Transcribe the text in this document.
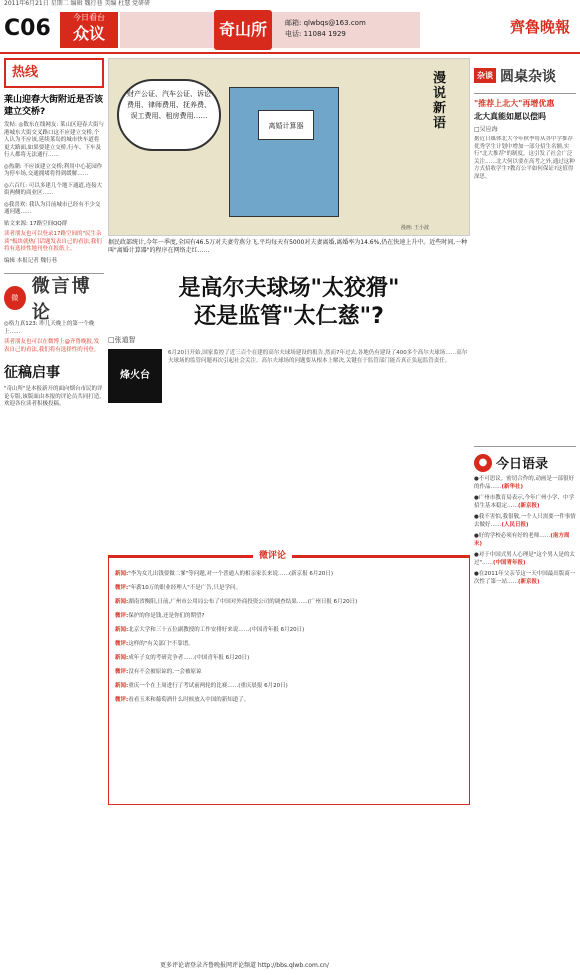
2011年6月21日 星期二 编辑 魏行巷 美编 杜慧 党研研
C06	今日看台
众议	奇山所	邮箱: qlwbqs@163.com
电话: 11084 1929	齊魯晚報
热线
莱山迎春大街附近是否该建立交桥?
发帖: ◎数东在线网友: 莱山区迎春大街与港城东大街交叉路口这不应建立交桥,个人认为不应该,延续莱岛的城市快车道将更大路面,如果要建立交桥,行车、下车及行人都将无法通行……
◎热潮: 不应该建立交桥;利用中心花园作为停车场,交通拥堵将得到缓解……
◎六百红: 可以多建几个地下通道,连接大街两侧的商业区……
◎我喜欢: 我认为目前城市已经有不少交通问题……
贴文来源: 17路空间QQ群
读者朋友也可以登录17路空间的"民生杂谈"板块就热门话题发表自己的看法,我们将有选择性地刊登在报纸上。
编辑 本报记者 魏行巷
微
微言博论
◎格力真123: 昨儿天晚上的第一个晚上……
读者朋友也可以在微博上@齐鲁晚报,发表自己的看法,我们将有选择性的刊登。
征稿启事
"奇山所"是本报新开的面向烟台市民的评论专版,该版面由本报的评论员共同打造,欢迎各位读者积极投稿。
财产公证、汽车公证、诉讼费用、律师费用、抚养费、误工费用、租房费用……
离婚计算器
漫说新语
漫画: 王小波
据民政部统计,今年一季度,全国有46.5万对夫妻劳燕分飞,平均每天有5000对夫妻离婚,离婚率为14.6%,仍在快速上升中。近些时间,一种叫"离婚计算器"的程序在网络走红……
是高尔夫球场"太狡猾"
还是监管"太仁慈"?
□张道智
烽火台
6月20日开始,国家监控了近三百个在建的高尔夫球场建设的报告,然而7年过去,各地仍有建设了400多个高尔夫球场……高尔夫球场的监管问题再次引起社会关注。高尔夫球场的问题要从根本上解决,关键在于监管部门能否真正负起监管责任。
微评论
新闻:"李为女儿出钱要做二爹"等问题,对一个普通人的相亲家长来说……(新京报 6月20日)
微评:"年薪10万的职业经理人"不是广告,只是学问。
新闻:湖南省衡阳,日前,广州市公用局公布了中国对外商投资公司的调查结果……(广州日报 6月20日)
微评:保护的你是钱,还是你们的期望?
新闻:北京大学和三十五位副教授的工作安排好来说……(中国青年报 6月20日)
微评:这样的"有关部门"不靠谱。
新闻:成年子女的考研竞争者……(中国青年报 6月20日)
微评:没有不会被原谅的,一会被原谅
新闻:重庆一个在上周进行了考试前两轮的比赛……(重庆晨报 6月20日)
微评:看看玉米和葡萄酒什么时候放入中国的新知道了。
更多评论请登录齐鲁晚报网评论频道 http://bbs.qlwb.com.cn/
杂谈 圆桌杂谈
"推荐上北大"再增优惠
北大真能如愿以偿吗
□吴应海
据近日媒体北大今年秋季将从各中学推荐优秀学生计划中增加一部分招生名额,实行"北大推荐"的制度。这引发了社会广泛关注……北大何以要在高考之外,通过这种方式招收学生?教育公平如何保证?这值得深思。
● 今日语录
●不可思议。密切合作的,动画是一部很好的作品……(新华社)
●广州市教育局表示,今年广州小学、中学招生基本稳定……(新京报)
●我不害怕,我很敬,一个人只需要一件事情去做好……(人民日报)
●好的学校必须有好的老师……(南方周末)
●对于中国式男人心理是"这个男人是的太过"……(中国青年报)
●在2011年父亲节这一天中国最出版商一次性了第一站……(新京报)
